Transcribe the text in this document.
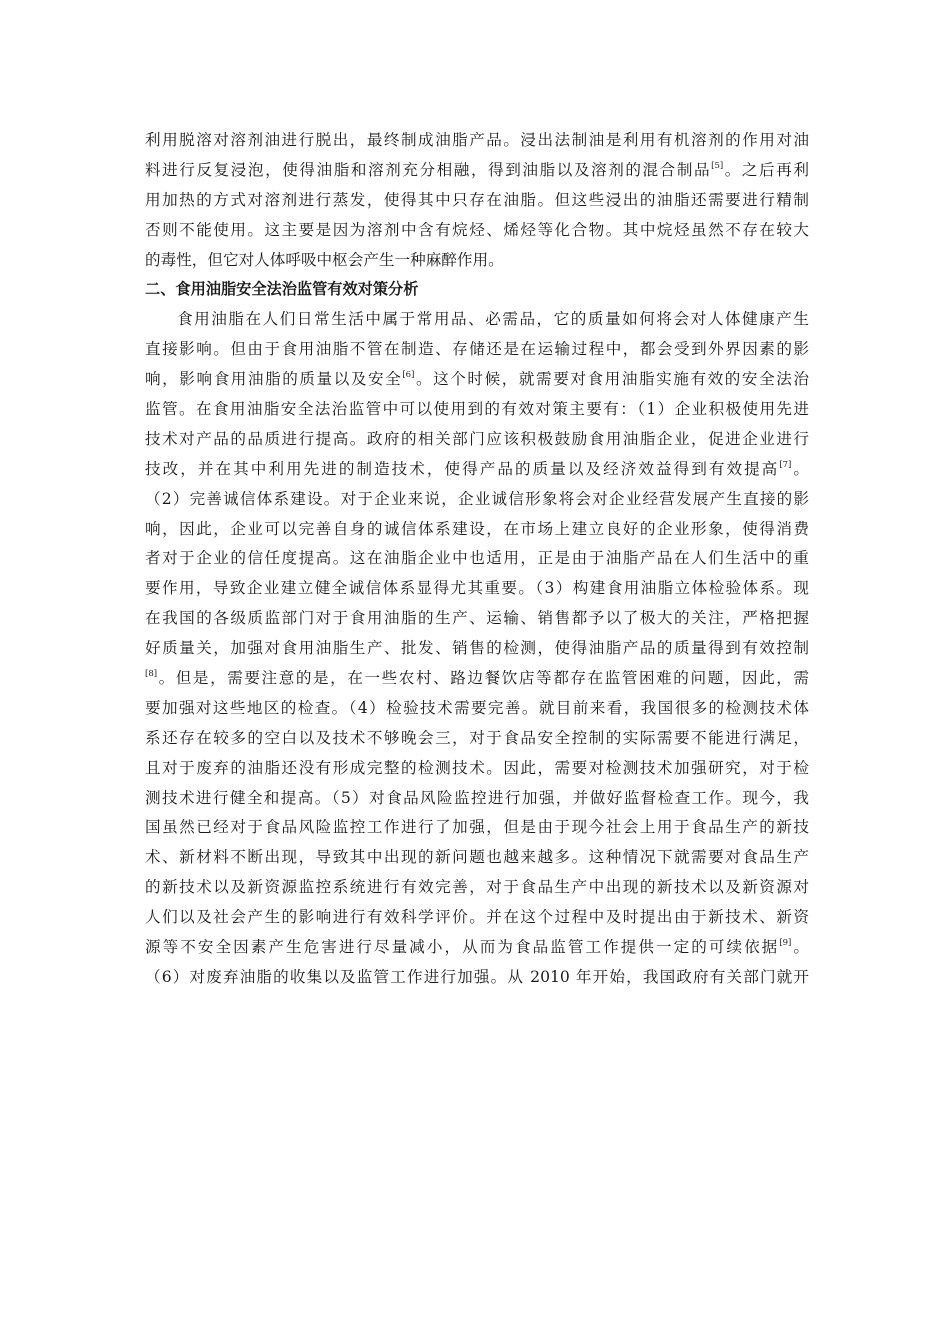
利用脱溶对溶剂油进行脱出，最终制成油脂产品。浸出法制油是利用有机溶剂的作用对油
料进行反复浸泡，使得油脂和溶剂充分相融，得到油脂以及溶剂的混合制品[5]。之后再利
用加热的方式对溶剂进行蒸发，使得其中只存在油脂。但这些浸出的油脂还需要进行精制
否则不能使用。这主要是因为溶剂中含有烷烃、烯烃等化合物。其中烷烃虽然不存在较大
的毒性，但它对人体呼吸中枢会产生一种麻醉作用。
二、食用油脂安全法治监管有效对策分析
食用油脂在人们日常生活中属于常用品、必需品，它的质量如何将会对人体健康产生
直接影响。但由于食用油脂不管在制造、存储还是在运输过程中，都会受到外界因素的影
响，影响食用油脂的质量以及安全[6]。这个时候，就需要对食用油脂实施有效的安全法治
监管。在食用油脂安全法治监管中可以使用到的有效对策主要有：（1）企业积极使用先进
技术对产品的品质进行提高。政府的相关部门应该积极鼓励食用油脂企业，促进企业进行
技改，并在其中利用先进的制造技术，使得产品的质量以及经济效益得到有效提高[7]。
（2）完善诚信体系建设。对于企业来说，企业诚信形象将会对企业经营发展产生直接的影
响，因此，企业可以完善自身的诚信体系建设，在市场上建立良好的企业形象，使得消费
者对于企业的信任度提高。这在油脂企业中也适用，正是由于油脂产品在人们生活中的重
要作用，导致企业建立健全诚信体系显得尤其重要。（3）构建食用油脂立体检验体系。现
在我国的各级质监部门对于食用油脂的生产、运输、销售都予以了极大的关注，严格把握
好质量关，加强对食用油脂生产、批发、销售的检测，使得油脂产品的质量得到有效控制
[8]。但是，需要注意的是，在一些农村、路边餐饮店等都存在监管困难的问题，因此，需
要加强对这些地区的检查。（4）检验技术需要完善。就目前来看，我国很多的检测技术体
系还存在较多的空白以及技术不够晚会三，对于食品安全控制的实际需要不能进行满足，
且对于废弃的油脂还没有形成完整的检测技术。因此，需要对检测技术加强研究，对于检
测技术进行健全和提高。（5）对食品风险监控进行加强，并做好监督检查工作。现今，我
国虽然已经对于食品风险监控工作进行了加强，但是由于现今社会上用于食品生产的新技
术、新材料不断出现，导致其中出现的新问题也越来越多。这种情况下就需要对食品生产
的新技术以及新资源监控系统进行有效完善，对于食品生产中出现的新技术以及新资源对
人们以及社会产生的影响进行有效科学评价。并在这个过程中及时提出由于新技术、新资
源等不安全因素产生危害进行尽量减小，从而为食品监管工作提供一定的可续依据[9]。
（6）对废弃油脂的收集以及监管工作进行加强。从 2010 年开始，我国政府有关部门就开
